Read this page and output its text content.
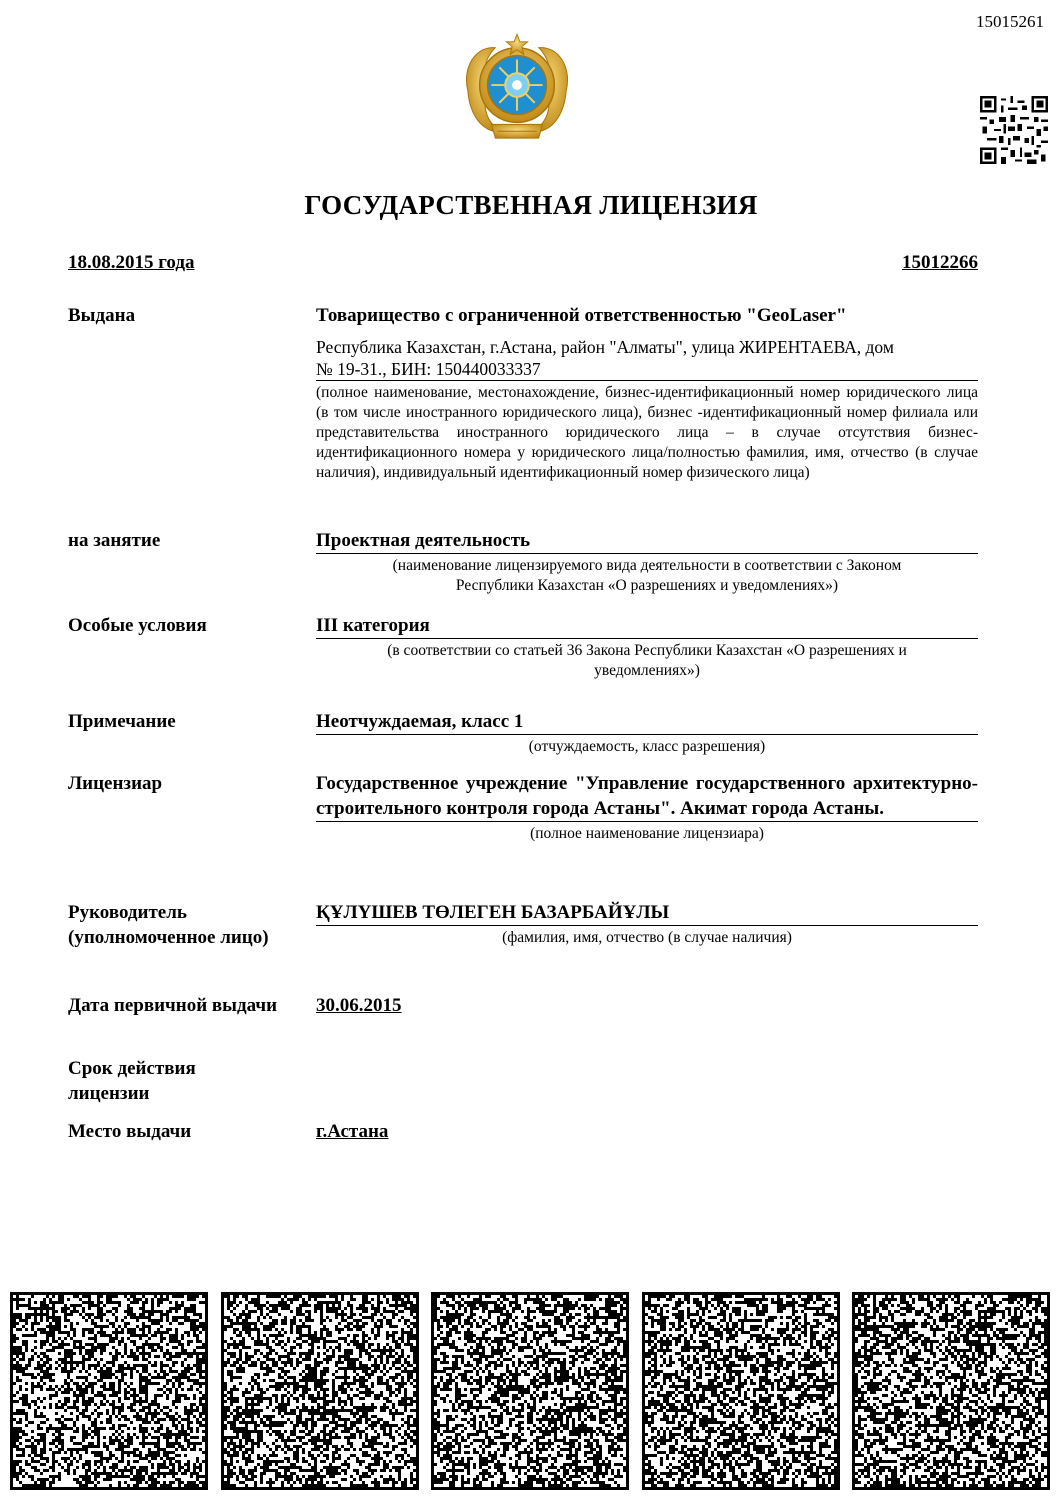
15015261
ГОСУДАРСТВЕННАЯ ЛИЦЕНЗИЯ
18.08.2015 года	15012266
Выдана	Товарищество с ограниченной ответственностью "GeoLaser"
Республика Казахстан, г.Астана, район "Алматы", улица ЖИРЕНТАЕВА, дом
№ 19-31., БИН: 150440033337
(полное наименование, местонахождение, бизнес-идентификационный номер юридического лица (в том числе иностранного юридического лица), бизнес -идентификационный номер филиала или представительства иностранного юридического лица – в случае отсутствия бизнес-идентификационного номера у юридического лица/полностью фамилия, имя, отчество (в случае наличия), индивидуальный идентификационный номер физического лица)
на занятие	Проектная деятельность
(наименование лицензируемого вида деятельности в соответствии с Законом
Республики Казахстан «О разрешениях и уведомлениях»)
Особые условия	III категория
(в соответствии со статьей 36 Закона Республики Казахстан «О разрешениях и
уведомлениях»)
Примечание	Неотчуждаемая, класс 1
(отчуждаемость, класс разрешения)
Лицензиар	Государственное учреждение "Управление государственного архитектурно-строительного контроля города Астаны". Акимат города Астаны.
(полное наименование лицензиара)
Руководитель
(уполномоченное лицо)
ҚҰЛҮШЕВ ТӨЛЕГЕН БАЗАРБАЙҰЛЫ
(фамилия, имя, отчество (в случае наличия)
Дата первичной выдачи 30.06.2015
Срок действия
лицензии
Место выдачи	г.Астана
